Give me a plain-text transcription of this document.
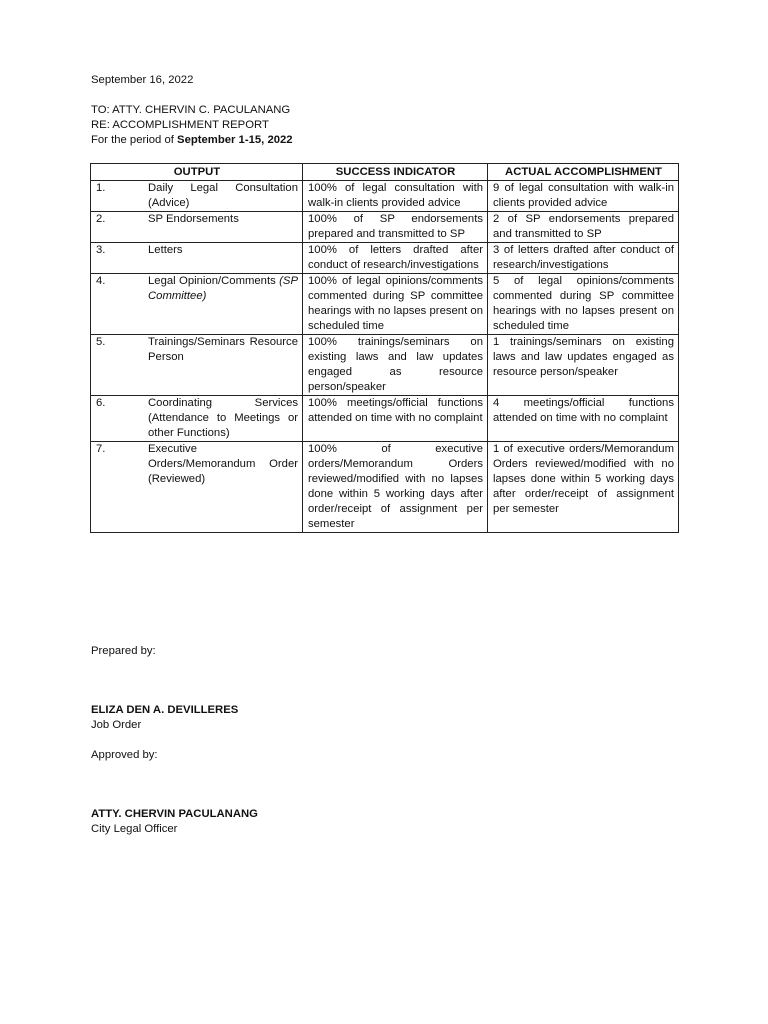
September 16, 2022
TO: ATTY. CHERVIN C. PACULANANG
RE: ACCOMPLISHMENT REPORT
For the period of September 1-15, 2022
OUTPUT	SUCCESS INDICATOR	ACTUAL ACCOMPLISHMENT

1. Daily Legal Consultation (Advice)	100% of legal consultation with walk-in clients provided advice	9 of legal consultation with walk-in clients provided advice

2. SP Endorsements	100% of SP endorsements prepared and transmitted to SP	2 of SP endorsements prepared and transmitted to SP

3. Letters	100% of letters drafted after conduct of research/investigations	3 of letters drafted after conduct of research/investigations

4. Legal Opinion/Comments (SP Committee)	100% of legal opinions/comments commented during SP committee hearings with no lapses present on scheduled time	5 of legal opinions/comments commented during SP committee hearings with no lapses present on scheduled time

5. Trainings/Seminars Resource Person	100% trainings/seminars on existing laws and law updates engaged as resource person/speaker	1 trainings/seminars on existing laws and law updates engaged as resource person/speaker

6. Coordinating Services (Attendance to Meetings or other Functions)	100% meetings/official functions attended on time with no complaint	4 meetings/official functions attended on time with no complaint

7. Executive Orders/Memorandum Order (Reviewed)	100% of executive orders/Memorandum Orders reviewed/modified with no lapses done within 5 working days after order/receipt of assignment per semester	1 of executive orders/Memorandum Orders reviewed/modified with no lapses done within 5 working days after order/receipt of assignment per semester
Prepared by:
ELIZA DEN A. DEVILLERES
Job Order
Approved by:
ATTY. CHERVIN PACULANANG
City Legal Officer
